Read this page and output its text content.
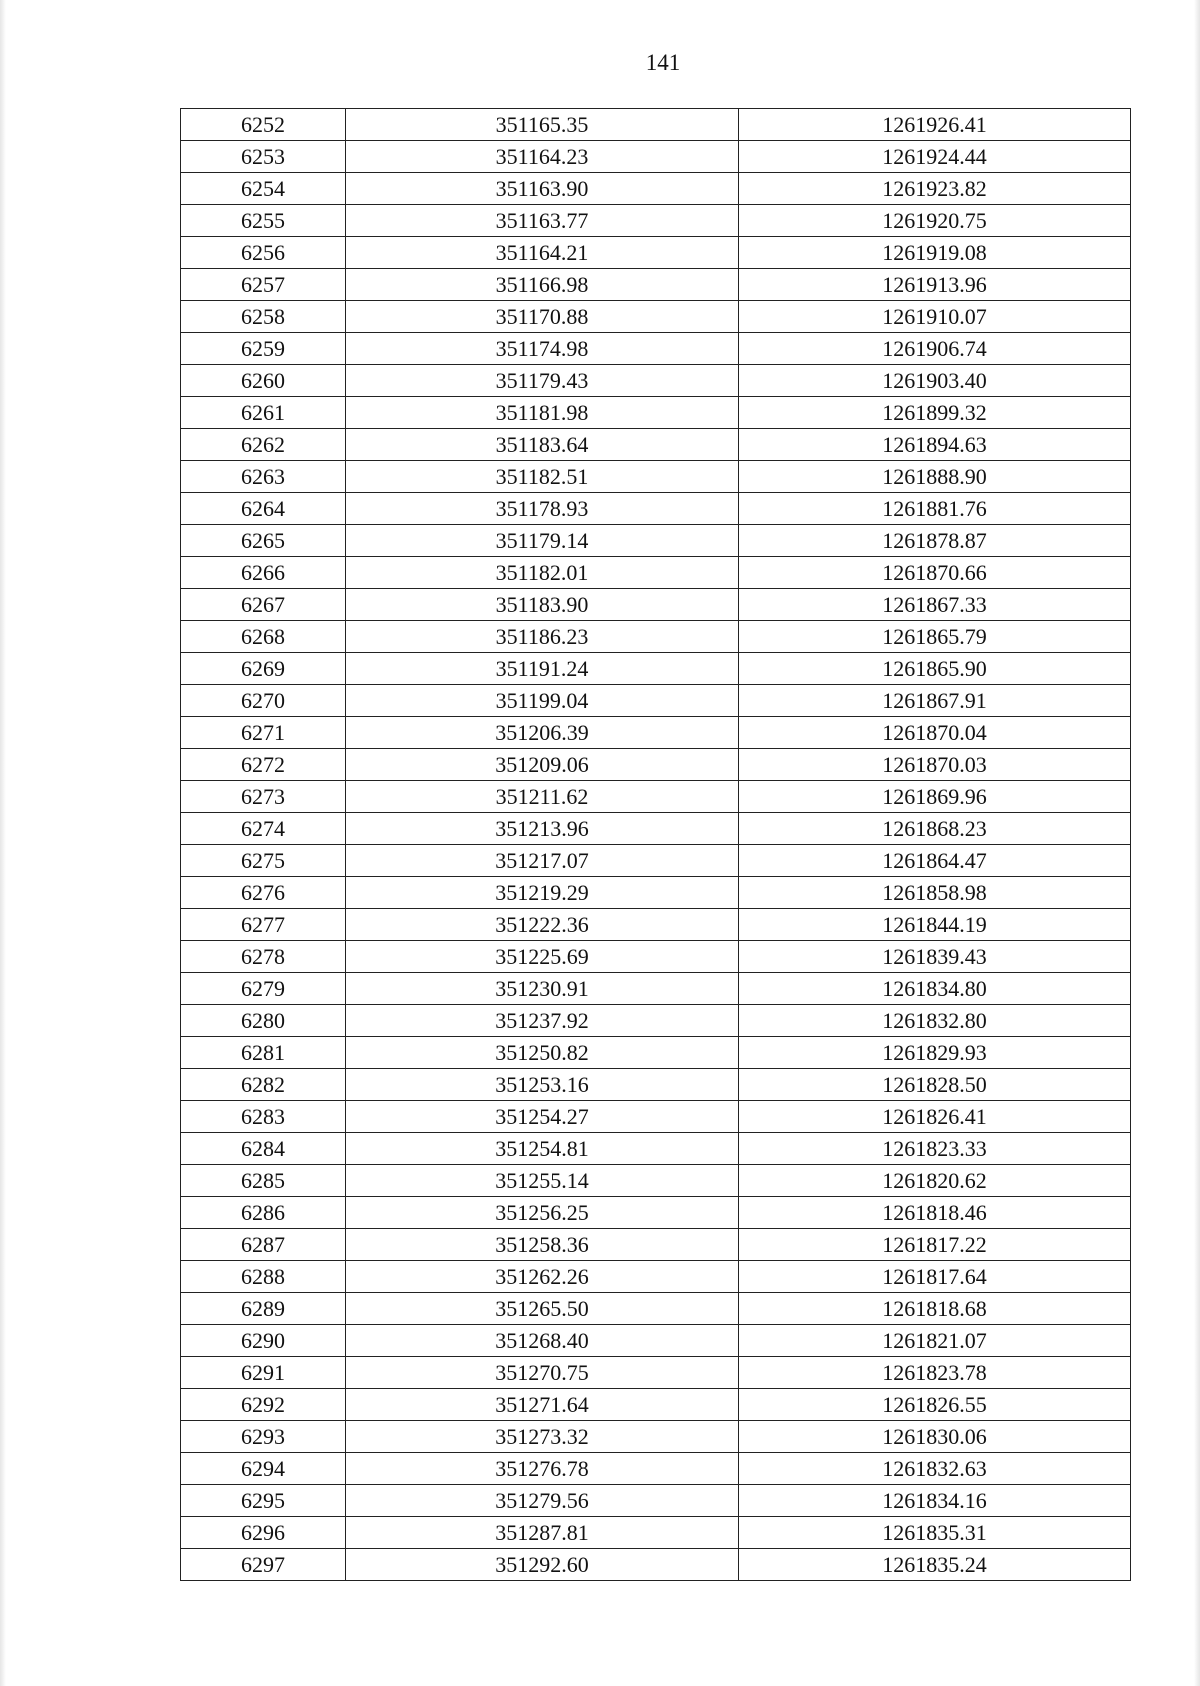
141
6252	351165.35	1261926.41
6253	351164.23	1261924.44
6254	351163.90	1261923.82
6255	351163.77	1261920.75
6256	351164.21	1261919.08
6257	351166.98	1261913.96
6258	351170.88	1261910.07
6259	351174.98	1261906.74
6260	351179.43	1261903.40
6261	351181.98	1261899.32
6262	351183.64	1261894.63
6263	351182.51	1261888.90
6264	351178.93	1261881.76
6265	351179.14	1261878.87
6266	351182.01	1261870.66
6267	351183.90	1261867.33
6268	351186.23	1261865.79
6269	351191.24	1261865.90
6270	351199.04	1261867.91
6271	351206.39	1261870.04
6272	351209.06	1261870.03
6273	351211.62	1261869.96
6274	351213.96	1261868.23
6275	351217.07	1261864.47
6276	351219.29	1261858.98
6277	351222.36	1261844.19
6278	351225.69	1261839.43
6279	351230.91	1261834.80
6280	351237.92	1261832.80
6281	351250.82	1261829.93
6282	351253.16	1261828.50
6283	351254.27	1261826.41
6284	351254.81	1261823.33
6285	351255.14	1261820.62
6286	351256.25	1261818.46
6287	351258.36	1261817.22
6288	351262.26	1261817.64
6289	351265.50	1261818.68
6290	351268.40	1261821.07
6291	351270.75	1261823.78
6292	351271.64	1261826.55
6293	351273.32	1261830.06
6294	351276.78	1261832.63
6295	351279.56	1261834.16
6296	351287.81	1261835.31
6297	351292.60	1261835.24
